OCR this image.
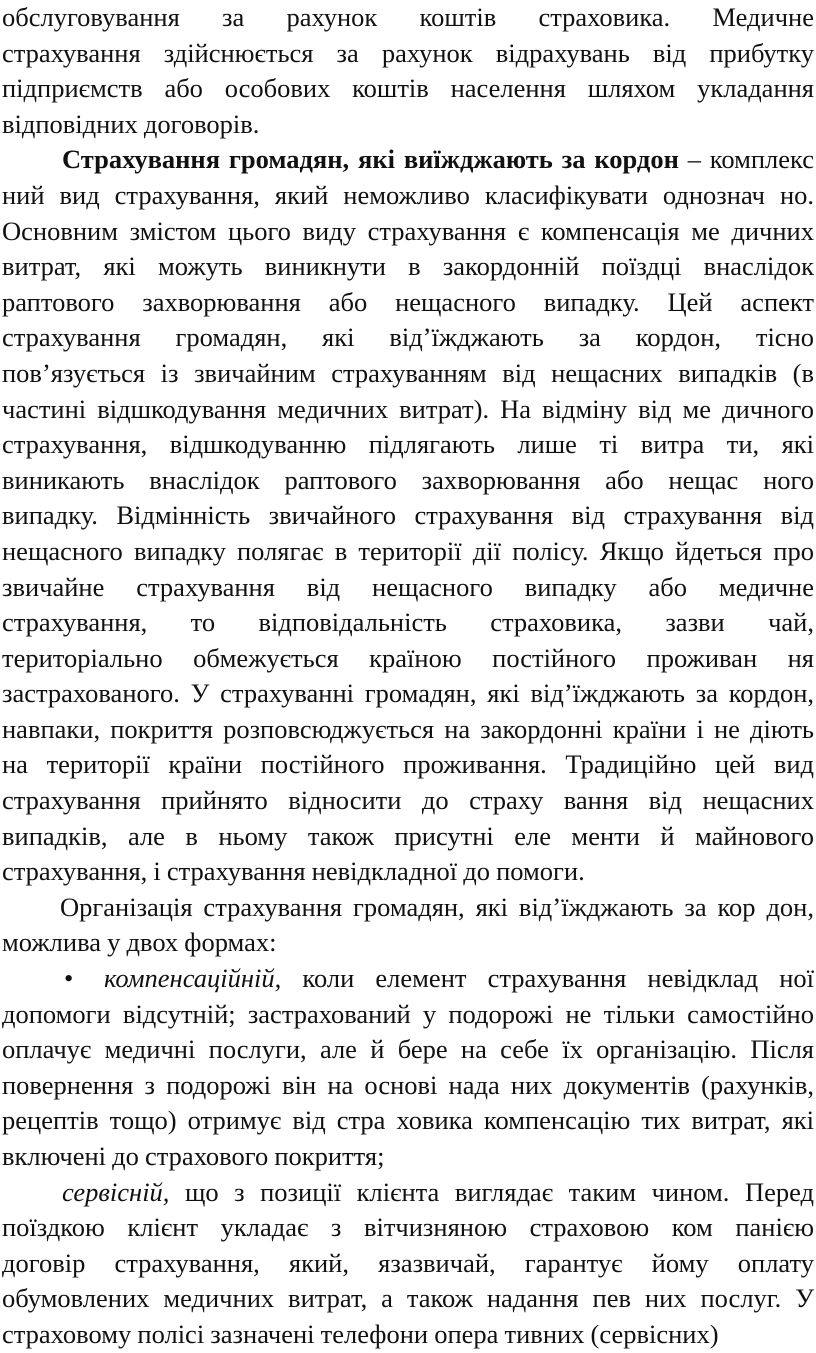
обслуговування за рахунок коштів страховика. Медичне
страхування здійснюється за рахунок відрахувань від прибутку
підприємств або особових коштів населення шляхом укладання
відповідних договорів.
Страхування громадян, які виїжджають за кордон – комплекс
ний вид страхування, який неможливо класифікувати однознач но.
Основним змістом цього виду страхування є компенсація ме дичних
витрат, які можуть виникнути в закордонній поїздці внаслідок
раптового захворювання або нещасного випадку. Цей аспект
страхування громадян, які від’їжджають за кордон, тісно
пов’язується із звичайним страхуванням від нещасних випадків (в
частині відшкодування медичних витрат). На відміну від ме дичного
страхування, відшкодуванню підлягають лише ті витра ти, які
виникають внаслідок раптового захворювання або нещас ного
випадку. Відмінність звичайного страхування від страхування від
нещасного випадку полягає в території дії полісу. Якщо йдеться про
звичайне страхування від нещасного випадку або медичне
страхування, то відповідальність страховика, зазви чай,
територіально обмежується країною постійного проживан ня
застрахованого. У страхуванні громадян, які від’їжджають за кордон,
навпаки, покриття розповсюджується на закордонні країни і не діють
на території країни постійного проживання. Традиційно цей вид
страхування прийнято відносити до страху вання від нещасних
випадків, але в ньому також присутні еле менти й майнового
страхування, і страхування невідкладної до помоги.
Організація страхування громадян, які від’їжджають за кор дон,
можлива у двох формах:
• компенсаційній, коли елемент страхування невідклад ної
допомоги відсутній; застрахований у подорожі не тільки самостійно
оплачує медичні послуги, але й бере на себе їх організацію. Після
повернення з подорожі він на основі нада них документів (рахунків,
рецептів тощо) отримує від стра ховика компенсацію тих витрат, які
включені до страхового покриття;
сервісній, що з позиції клієнта виглядає таким чином. Перед
поїздкою клієнт укладає з вітчизняною страховою ком панією
договір страхування, який, язазвичай, гарантує йому оплату
обумовлених медичних витрат, а також надання пев них послуг. У
страховому полісі зазначені телефони опера тивних (сервісних)
